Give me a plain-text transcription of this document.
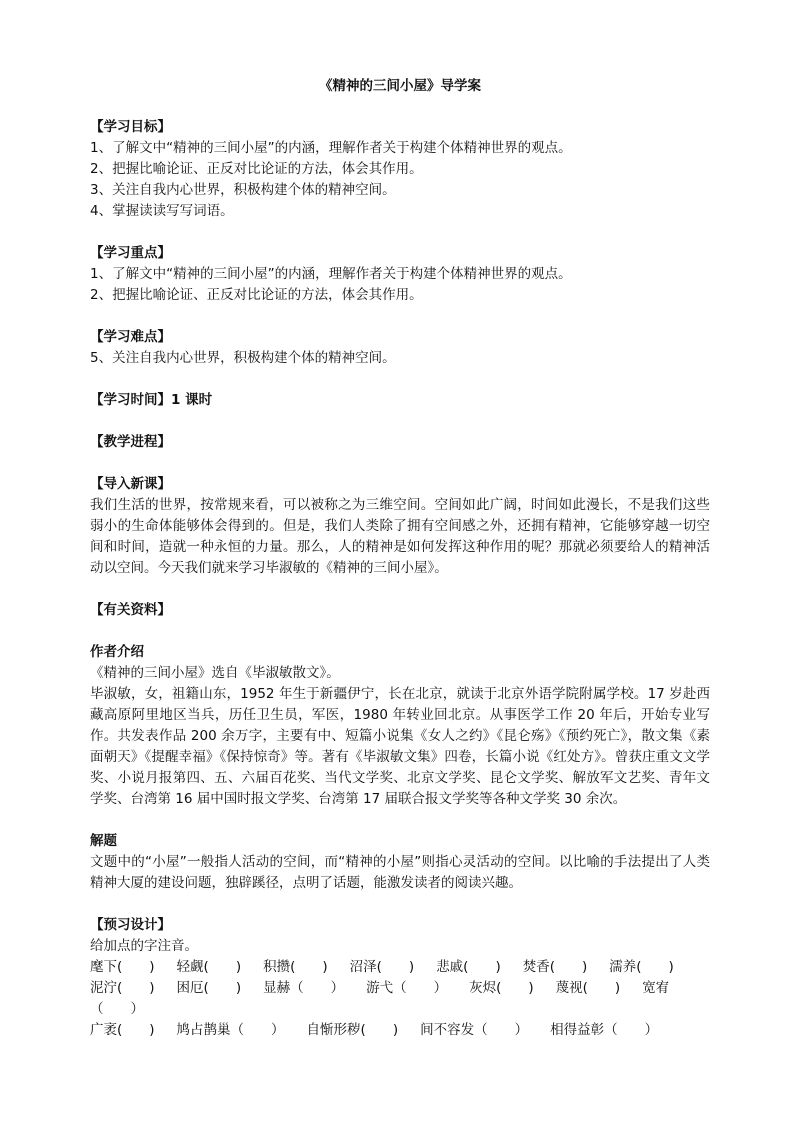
《精神的三间小屋》导学案
【学习目标】
1、了解文中“精神的三间小屋”的内涵，理解作者关于构建个体精神世界的观点。
2、把握比喻论证、正反对比论证的方法，体会其作用。
3、关注自我内心世界，积极构建个体的精神空间。
4、掌握读读写写词语。
【学习重点】
1、了解文中“精神的三间小屋”的内涵，理解作者关于构建个体精神世界的观点。
2、把握比喻论证、正反对比论证的方法，体会其作用。
【学习难点】
5、关注自我内心世界，积极构建个体的精神空间。
【学习时间】1 课时
【教学进程】
【导入新课】
我们生活的世界，按常规来看，可以被称之为三维空间。空间如此广阔，时间如此漫长，不是我们这些弱小的生命体能够体会得到的。但是，我们人类除了拥有空间感之外，还拥有精神，它能够穿越一切空间和时间，造就一种永恒的力量。那么，人的精神是如何发挥这种作用的呢？那就必须要给人的精神活动以空间。今天我们就来学习毕淑敏的《精神的三间小屋》。
【有关资料】
作者介绍
《精神的三间小屋》选自《毕淑敏散文》。
毕淑敏，女，祖籍山东，1952 年生于新疆伊宁，长在北京，就读于北京外语学院附属学校。17 岁赴西藏高原阿里地区当兵，历任卫生员，军医，1980 年转业回北京。从事医学工作 20 年后，开始专业写作。共发表作品 200 余万字，主要有中、短篇小说集《女人之约》《昆仑殇》《预约死亡》，散文集《素面朝天》《提醒幸福》《保持惊奇》等。著有《毕淑敏文集》四卷，长篇小说《红处方》。曾获庄重文文学奖、小说月报第四、五、六届百花奖、当代文学奖、北京文学奖、昆仑文学奖、解放军文艺奖、青年文 学奖、台湾第 16 届中国时报文学奖、台湾第 17 届联合报文学奖等各种文学奖 30 余次。
解题
文题中的“小屋”一般指人活动的空间，而“精神的小屋”则指心灵活动的空间。以比喻的手法提出了人类精神大厦的建设问题，独辟蹊径，点明了话题，能激发读者的阅读兴趣。
【预习设计】
给加点的字注音。
麾下(　　) 轻觑(　　) 积攒(　　) 沼泽(　　) 悲戚(　　) 焚香(　　) 濡养(　　)
泥泞(　　) 困厄(　　) 显赫（　　） 游弋（　　） 灰烬(　　) 蔑视(　　) 宽宥
（　　）
广袤(　　) 鸠占鹊巢（　　） 自惭形秽(　　) 间不容发（　　） 相得益彰（　　）
